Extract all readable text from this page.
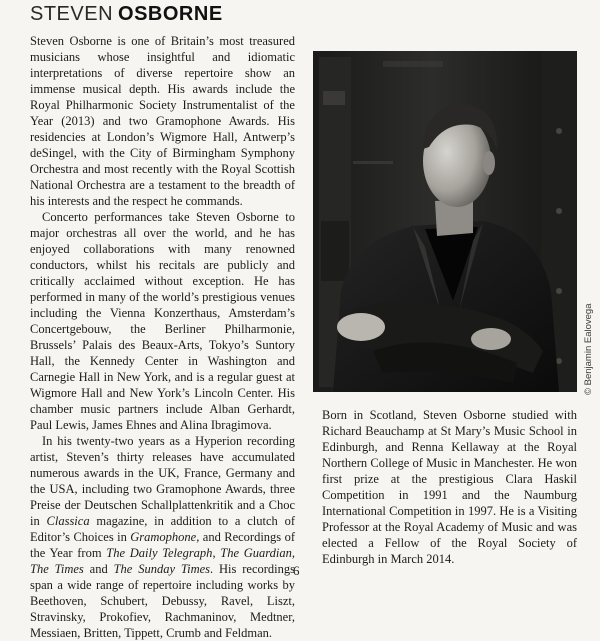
STEVEN OSBORNE

Steven Osborne is one of Britain’s most treasured musicians whose insightful and idiomatic interpretations of diverse repertoire show an immense musical depth. His awards include the Royal Philharmonic Society Instrumentalist of the Year (2013) and two Gramophone Awards. His residencies at London’s Wigmore Hall, Antwerp’s deSingel, with the City of Birmingham Symphony Orchestra and most recently with the Royal Scottish National Orchestra are a testament to the breadth of his interests and the respect he commands.

Concerto performances take Steven Osborne to major orchestras all over the world, and he has enjoyed collaborations with many renowned conductors, whilst his recitals are publicly and critically acclaimed without exception. He has performed in many of the world’s prestigious venues including the Vienna Konzerthaus, Amsterdam’s Concertgebouw, the Berliner Philharmonie, Brussels’ Palais des Beaux-Arts, Tokyo’s Suntory Hall, the Kennedy Center in Washington and Carnegie Hall in New York, and is a regular guest at Wigmore Hall and New York’s Lincoln Center. His chamber music partners include Alban Gerhardt, Paul Lewis, James Ehnes and Alina Ibragimova.

In his twenty-two years as a Hyperion recording artist, Steven’s thirty releases have accumulated numerous awards in the UK, France, Germany and the USA, including two Gramophone Awards, three Preise der Deutschen Schallplattenkritik and a Choc in Classica magazine, in addition to a clutch of Editor’s Choices in Gramophone, and Recordings of the Year from The Daily Telegraph, The Guardian, The Times and The Sunday Times. His recordings span a wide range of repertoire including works by Beethoven, Schubert, Debussy, Ravel, Liszt, Stravinsky, Prokofiev, Rachmaninov, Medtner, Messiaen, Britten, Tippett, Crumb and Feldman.

© Benjamin Ealovega

Born in Scotland, Steven Osborne studied with Richard Beauchamp at St Mary’s Music School in Edinburgh, and Renna Kellaway at the Royal Northern College of Music in Manchester. He won first prize at the prestigious Clara Haskil Competition in 1991 and the Naumburg International Competition in 1997. He is a Visiting Professor at the Royal Academy of Music and was elected a Fellow of the Royal Society of Edinburgh in March 2014.

6
